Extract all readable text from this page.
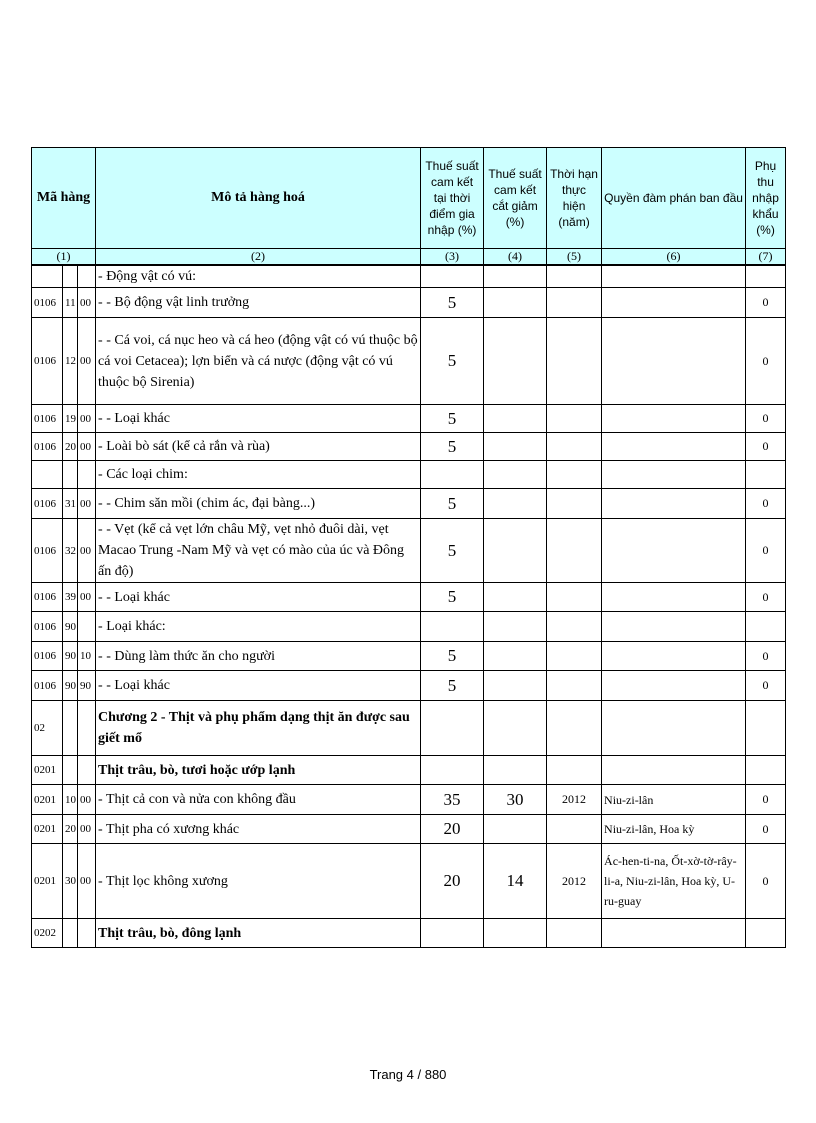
Mã hàng			Mô tả hàng hoá	Thuế suất cam kết tại thời điểm gia nhập (%)	Thuế suất cam kết cắt giảm (%)	Thời hạn thực hiện (năm)	Quyền đàm phán ban đầu	Phụ thu nhập khẩu (%)
(1)			(2)	(3)	(4)	(5)	(6)	(7)
			- Động vật có vú:					
0106	11	00	- - Bộ động vật linh trưởng	5				0
0106	12	00	- - Cá voi, cá nục heo và cá heo (động vật có vú thuộc bộ cá voi Cetacea); lợn biển và cá nược (động vật có vú thuộc bộ Sirenia)	5				0
0106	19	00	- - Loại khác	5				0
0106	20	00	- Loài bò sát (kể cả rắn và rùa)	5				0
			- Các loại chim:					
0106	31	00	- - Chim săn mồi (chim ác, đại bàng...)	5				0
0106	32	00	- - Vẹt (kể cả vẹt lớn châu Mỹ, vẹt nhỏ đuôi dài, vẹt Macao Trung -Nam Mỹ và vẹt có mào của úc và Đông ấn độ)	5				0
0106	39	00	- - Loại khác	5				0
0106	90		- Loại khác:					
0106	90	10	- - Dùng làm thức ăn cho người	5				0
0106	90	90	- - Loại khác	5				0
02			Chương 2 - Thịt và phụ phẩm dạng thịt ăn được sau giết mổ					
0201			Thịt trâu, bò, tươi hoặc ướp lạnh					
0201	10	00	- Thịt cả con và nửa con không đầu	35	30	2012	Niu-zi-lân	0
0201	20	00	- Thịt pha có xương khác	20			Niu-zi-lân, Hoa kỳ	0
0201	30	00	- Thịt lọc không xương	20	14	2012	Ác-hen-ti-na, Ốt-xờ-tờ-rây-li-a, Niu-zi-lân, Hoa kỳ, U-ru-guay	0
0202			Thịt trâu, bò, đông lạnh					
Trang 4 / 880
